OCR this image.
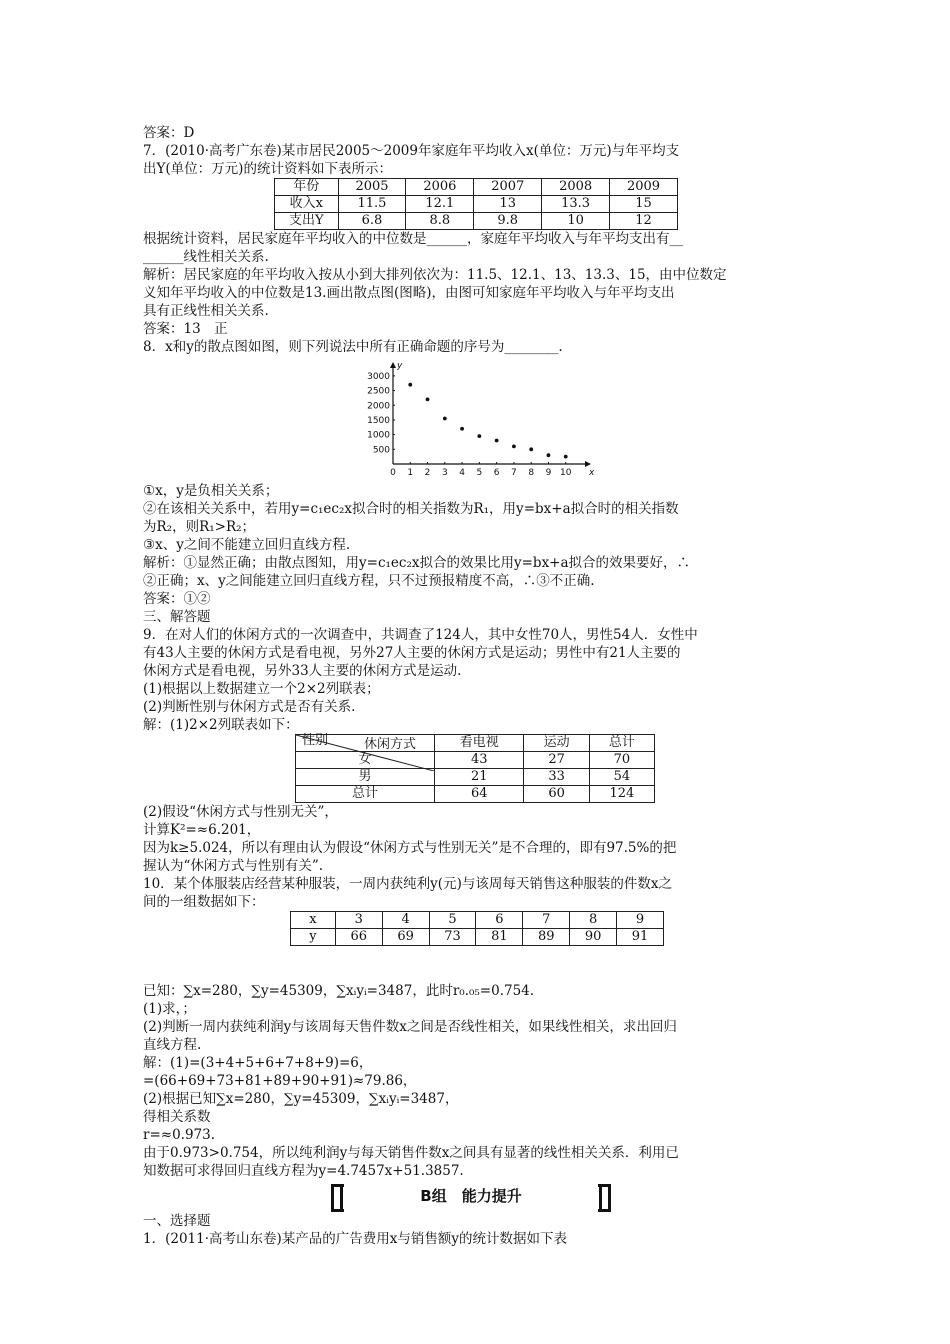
答案：D
7．(2010·高考广东卷)某市居民2005～2009年家庭年平均收入x(单位：万元)与年平均支
出Y(单位：万元)的统计资料如下表所示：
年份	2005	2006	2007	2008	2009
收入x	11.5	12.1	13	13.3	15
支出Y	6.8	8.8	9.8	10	12
根据统计资料，居民家庭年平均收入的中位数是______，家庭年平均收入与年平均支出有__
______线性相关关系.
解析：居民家庭的年平均收入按从小到大排列依次为：11.5、12.1、13、13.3、15，由中位数定
义知年平均收入的中位数是13.画出散点图(图略)，由图可知家庭年平均收入与年平均支出
具有正线性相关关系.
答案：13　正
8．x和y的散点图如图，则下列说法中所有正确命题的序号为________.
0 1 2 3 4 5 6 7 8 9 10
500
1000
1500
2000
2500
3000
x
y
①x，y是负相关关系；
②在该相关关系中，若用y=c₁ec₂x拟合时的相关指数为R₁，用y=bx+a拟合时的相关指数
为R₂，则R₁>R₂；
③x、y之间不能建立回归直线方程.
解析：①显然正确；由散点图知，用y=c₁ec₂x拟合的效果比用y=bx+a拟合的效果要好，∴
②正确；x、y之间能建立回归直线方程，只不过预报精度不高，∴③不正确.
答案：①②
三、解答题
9．在对人们的休闲方式的一次调查中，共调查了124人，其中女性70人，男性54人．女性中
有43人主要的休闲方式是看电视，另外27人主要的休闲方式是运动；男性中有21人主要的
休闲方式是看电视，另外33人主要的休闲方式是运动.
(1)根据以上数据建立一个2×2列联表；
(2)判断性别与休闲方式是否有关系.
解：(1)2×2列联表如下：
休闲方式
性别	看电视	运动	总计
女	43	27	70
男	21	33	54
总计	64	60	124
(2)假设“休闲方式与性别无关”，
计算K²=≈6.201，
因为k≥5.024，所以有理由认为假设“休闲方式与性别无关”是不合理的，即有97.5%的把
握认为“休闲方式与性别有关”.
10．某个体服装店经营某种服装，一周内获纯利y(元)与该周每天销售这种服装的件数x之
间的一组数据如下：
x	3	4	5	6	7	8	9
y	66	69	73	81	89	90	91
已知：∑x=280，∑y=45309，∑xᵢyᵢ=3487，此时r₀.₀₅=0.754.
(1)求，；
(2)判断一周内获纯利润y与该周每天售件数x之间是否线性相关，如果线性相关，求出回归
直线方程.
解：(1)=(3+4+5+6+7+8+9)=6，
=(66+69+73+81+89+90+91)≈79.86，
(2)根据已知∑x=280，∑y=45309，∑xᵢyᵢ=3487，
得相关系数
r=≈0.973.
由于0.973>0.754，所以纯利润y与每天销售件数x之间具有显著的线性相关关系．利用已
知数据可求得回归直线方程为y=4.7457x+51.3857.
B组　能力提升
一、选择题
1．(2011·高考山东卷)某产品的广告费用x与销售额y的统计数据如下表
